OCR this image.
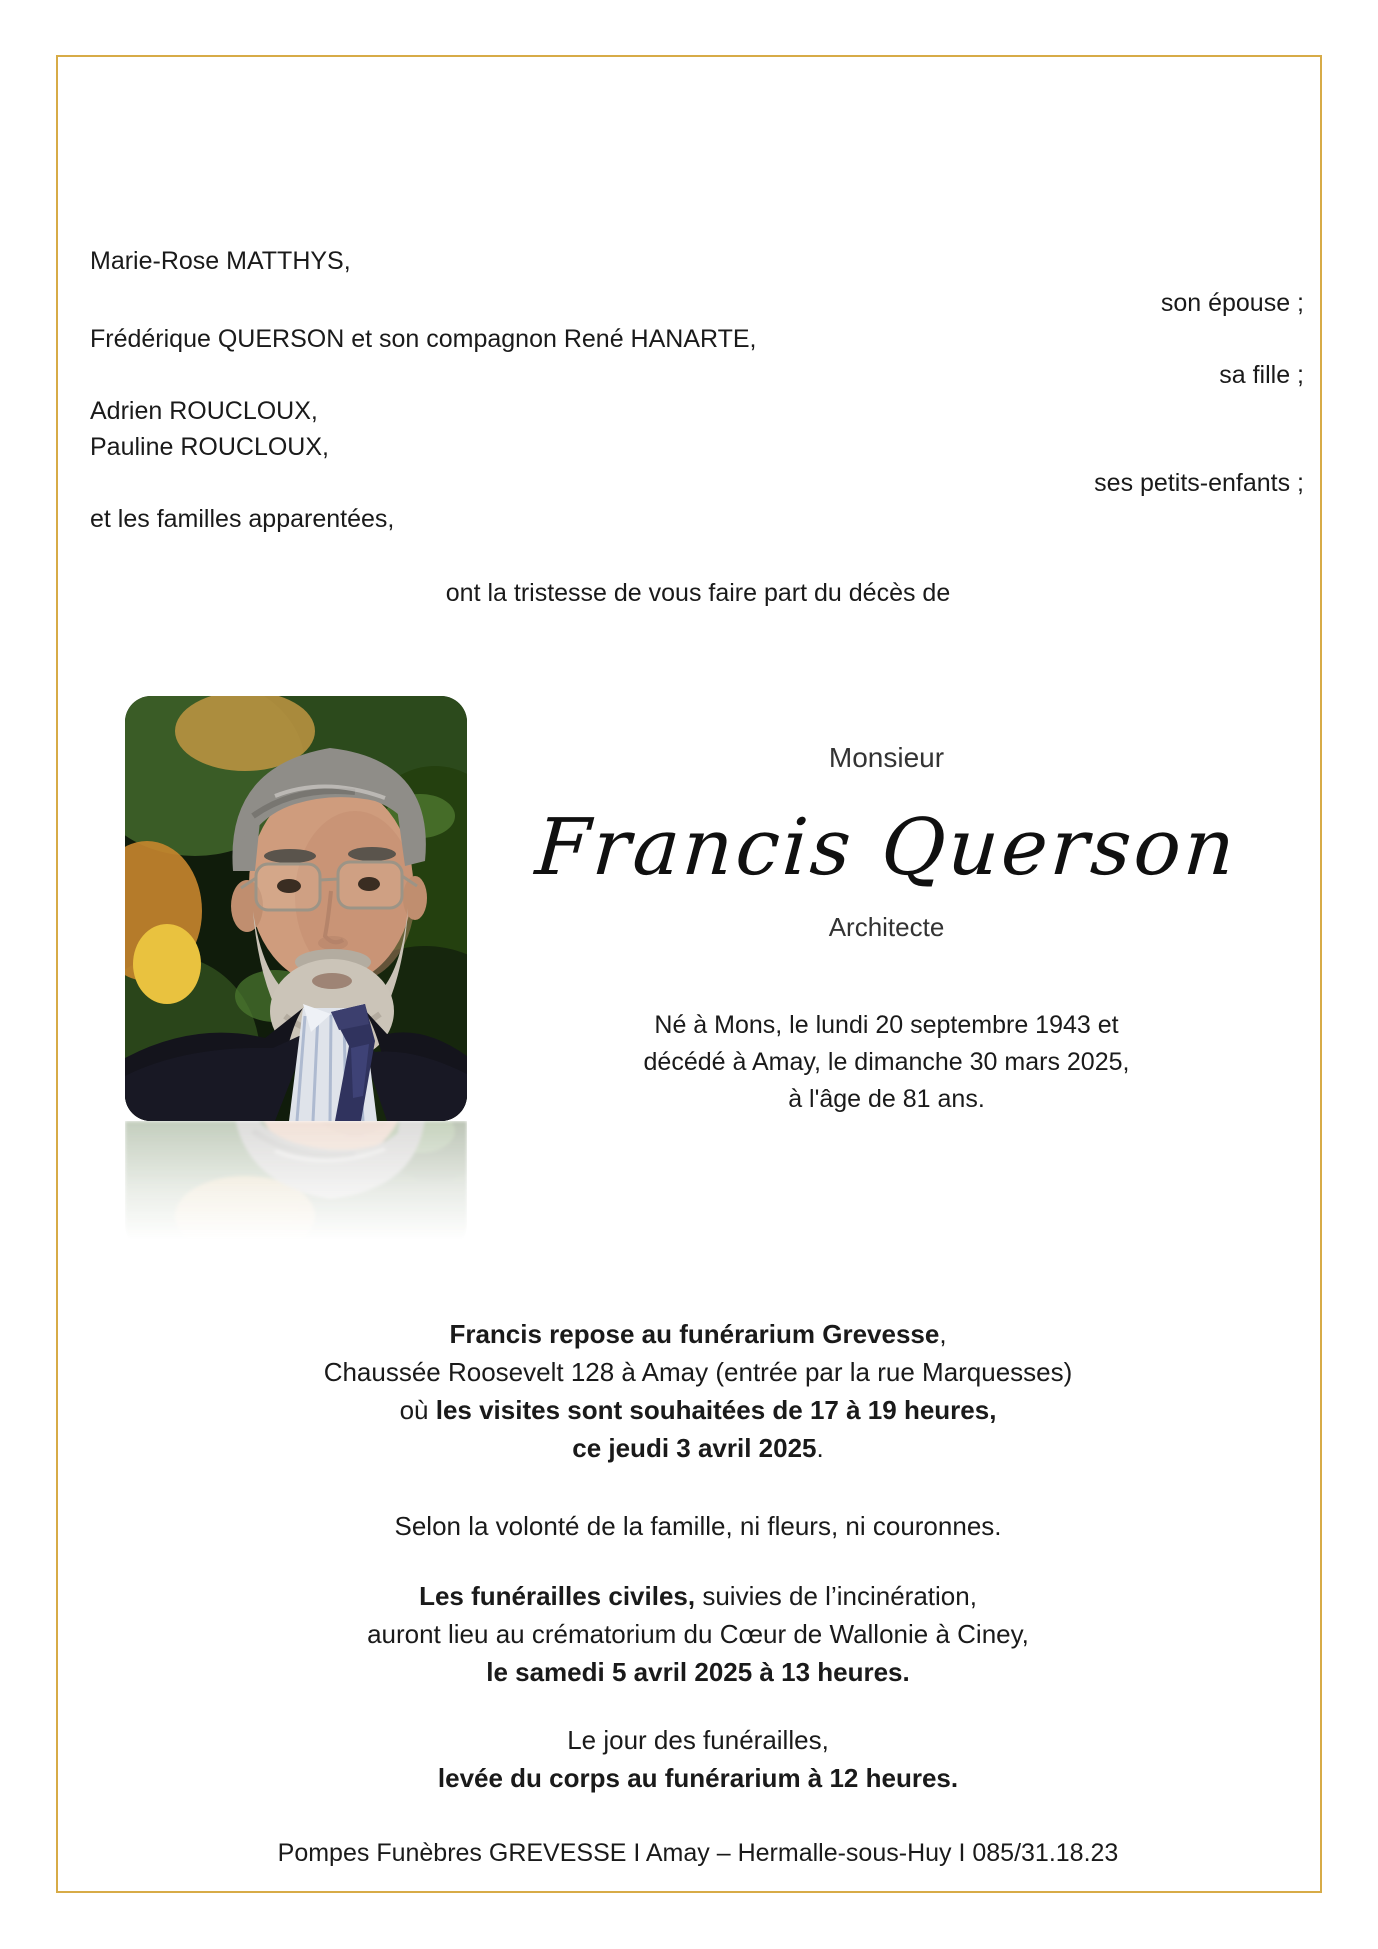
Marie-Rose MATTHYS,
son épouse ;
Frédérique QUERSON et son compagnon René HANARTE,
sa fille ;
Adrien ROUCLOUX,
Pauline ROUCLOUX,
ses petits-enfants ;
et les familles apparentées,
ont la tristesse de vous faire part du décès de
Monsieur
Francis Querson
Architecte
Né à Mons, le lundi 20 septembre 1943 et
décédé à Amay, le dimanche 30 mars 2025,
à l'âge de 81 ans.
Francis repose au funérarium Grevesse,
Chaussée Roosevelt 128 à Amay (entrée par la rue Marquesses)
où les visites sont souhaitées de 17 à 19 heures,
ce jeudi 3 avril 2025.
Selon la volonté de la famille, ni fleurs, ni couronnes.
Les funérailles civiles, suivies de l’incinération,
auront lieu au crématorium du Cœur de Wallonie à Ciney,
le samedi 5 avril 2025 à 13 heures.
Le jour des funérailles,
levée du corps au funérarium à 12 heures.
Pompes Funèbres GREVESSE I Amay – Hermalle-sous-Huy I 085/31.18.23
